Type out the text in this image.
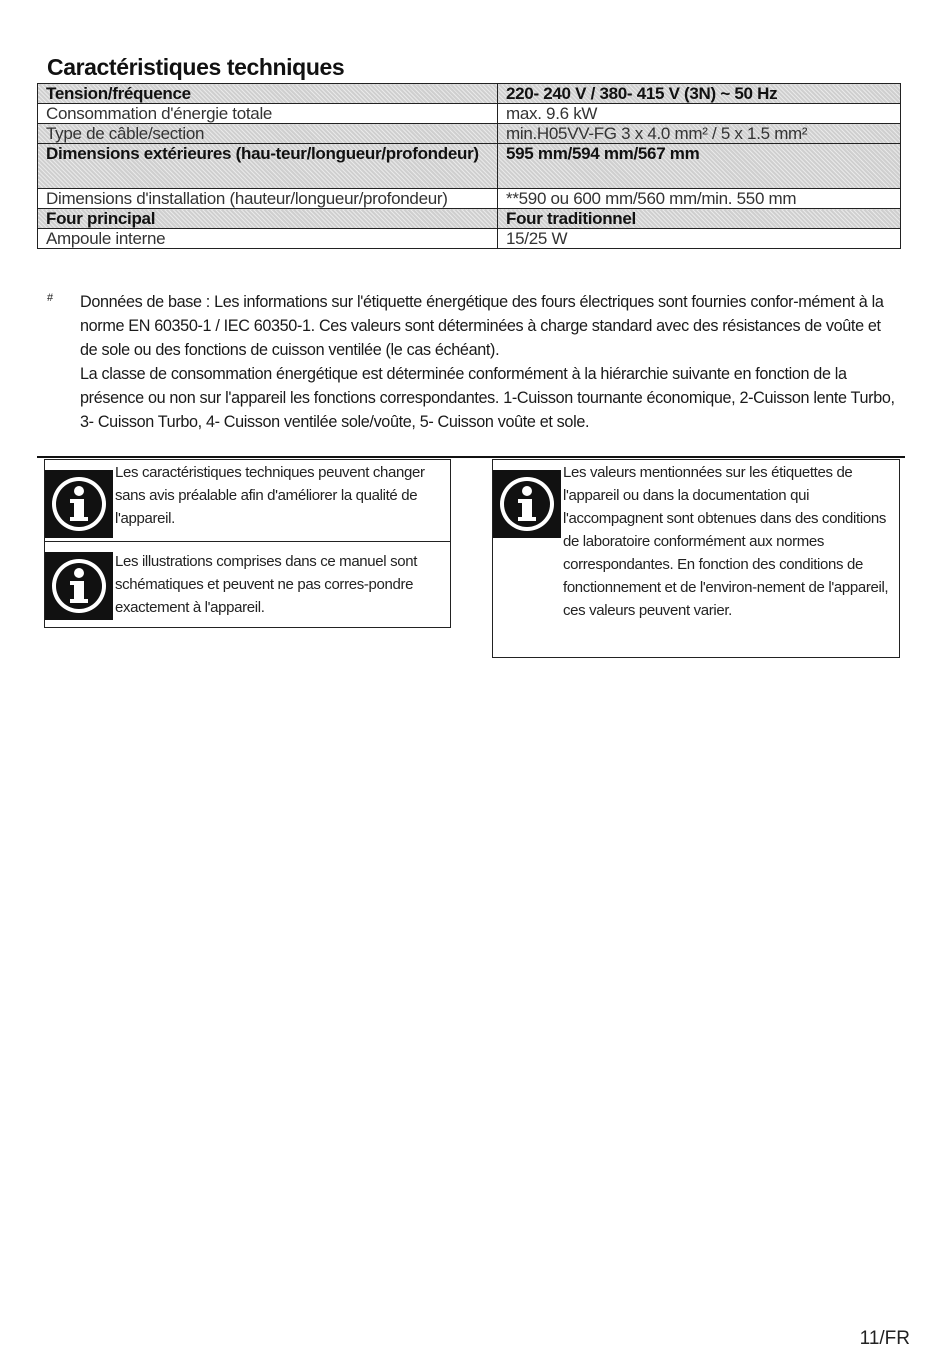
Caractéristiques techniques
Tension/fréquence	220- 240 V / 380- 415 V (3N) ~ 50 Hz
Consommation d'énergie totale	max. 9.6 kW
Type de câble/section	min.H05VV-FG 3 x 4.0 mm² / 5 x 1.5 mm²
Dimensions extérieures (hau-teur/longueur/profondeur)	595 mm/594 mm/567 mm
Dimensions d'installation (hauteur/longueur/profondeur)	**590 ou 600 mm/560 mm/min. 550 mm
Four principal	Four traditionnel
Ampoule interne	15/25 W
# Données de base : Les informations sur l'étiquette énergétique des fours électriques sont fournies confor-mément à la norme EN 60350-1 / IEC 60350-1. Ces valeurs sont déterminées à charge standard avec des résistances de voûte et de sole ou des fonctions de cuisson ventilée (le cas échéant).

La classe de consommation énergétique est déterminée conformément à la hiérarchie suivante en fonction de la présence ou non sur l'appareil les fonctions correspondantes. 1-Cuisson tournante économique, 2-Cuisson lente Turbo, 3- Cuisson Turbo, 4- Cuisson ventilée sole/voûte, 5- Cuisson voûte et sole.

Les caractéristiques techniques peuvent changer sans avis préalable afin d'améliorer la qualité de l'appareil.
Les illustrations comprises dans ce manuel sont schématiques et peuvent ne pas corres-pondre exactement à l'appareil.
Les valeurs mentionnées sur les étiquettes de l'appareil ou dans la documentation qui l'accompagnent sont obtenues dans des conditions de laboratoire conformément aux normes correspondantes. En fonction des conditions de fonctionnement et de l'environ-nement de l'appareil, ces valeurs peuvent varier.
11/FR
